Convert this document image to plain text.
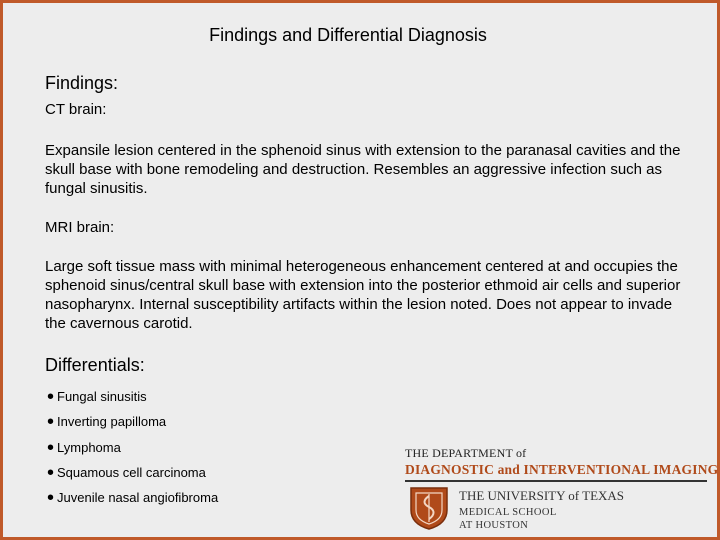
Findings and Differential Diagnosis
Findings:
CT brain:
Expansile lesion centered in the sphenoid sinus with extension to the paranasal cavities and the skull base with bone remodeling and destruction. Resembles an aggressive infection such as fungal sinusitis.
MRI brain:
Large soft tissue mass with minimal heterogeneous enhancement centered at and occupies the sphenoid sinus/central skull base with extension into the posterior ethmoid air cells and superior nasopharynx. Internal susceptibility artifacts within the lesion noted. Does not appear to invade the cavernous carotid.
Differentials:
• Fungal sinusitis
• Inverting papilloma
• Lymphoma
• Squamous cell carcinoma
• Juvenile nasal angiofibroma
THE DEPARTMENT of
DIAGNOSTIC and INTERVENTIONAL IMAGING
THE UNIVERSITY of TEXAS
MEDICAL SCHOOL
AT HOUSTON
